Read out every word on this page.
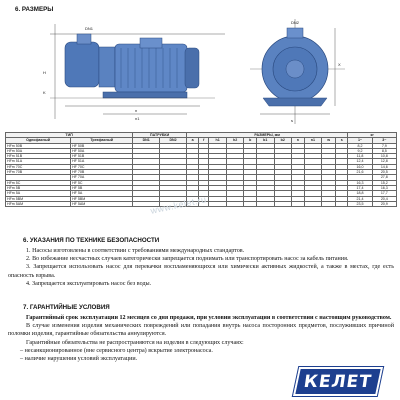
6. РАЗМЕРЫ
H
K
n
n1
DN1
DN2
X
s
ТИП		ПАТРУБКИ		РАЗМЕРЫ, мм											кг	
Однофазный	Трехфазный	DN1	DN2	a	f	h1	h2	b	b1	b2	n	n1	w	s	1~	3~
HFm 50B	HF 50B														8,2	7,9
HFm 50A	HF 50A														9,2	8,5
HFm 51B	HF 51B														11,8	10,8
HFm 51A	HF 51A														12,4	12,8
HFm 70C	HF 70C														16,0	14,6
HFm 70B	HF 70B														21,6	20,5
	HF 70A															27,8
HFm 5C	HF 5C														16,3	15,2
HFm 5B	HF 5B														17,4	16,3
HFm 5A	HF 5A														18,8	17,7
HFm 5BM	HF 5BM														21,4	20,4
HFm 5AM	HF 5AM														23,5	20,9
www.kelet.ru
6. УКАЗАНИЯ ПО ТЕХНИКЕ БЕЗОПАСНОСТИ

1. Насосы изготовлены в соответствии с требованиями международных стандартов.

2. Во избежание несчастных случаев категорически запрещается поднимать или транспортировать насос за кабель питания.

3. Запрещается использовать насос для перекачки воспламеняющихся или химически активных жидкостей, а также в местах, где есть опасность взрыва.

4. Запрещается эксплуатировать насос без воды.

7. ГАРАНТИЙНЫЕ УСЛОВИЯ

Гарантийный срок эксплуатации 12 месяцев со дня продажи, при условии эксплуатации в соответствии с настоящим руководством.

В случае изменения изделия механических повреждений или попадания внутрь насоса посторонних предметов, послуживших причиной поломки изделия, гарантийные обязательства аннулируются.

Гарантийные обязательства не распространяются на изделия в следующих случаях:

– несанкционированное (вне сервисного центра) вскрытие электронасоса.

– наличие нарушения условий эксплуатации.

КЕЛЕТ
